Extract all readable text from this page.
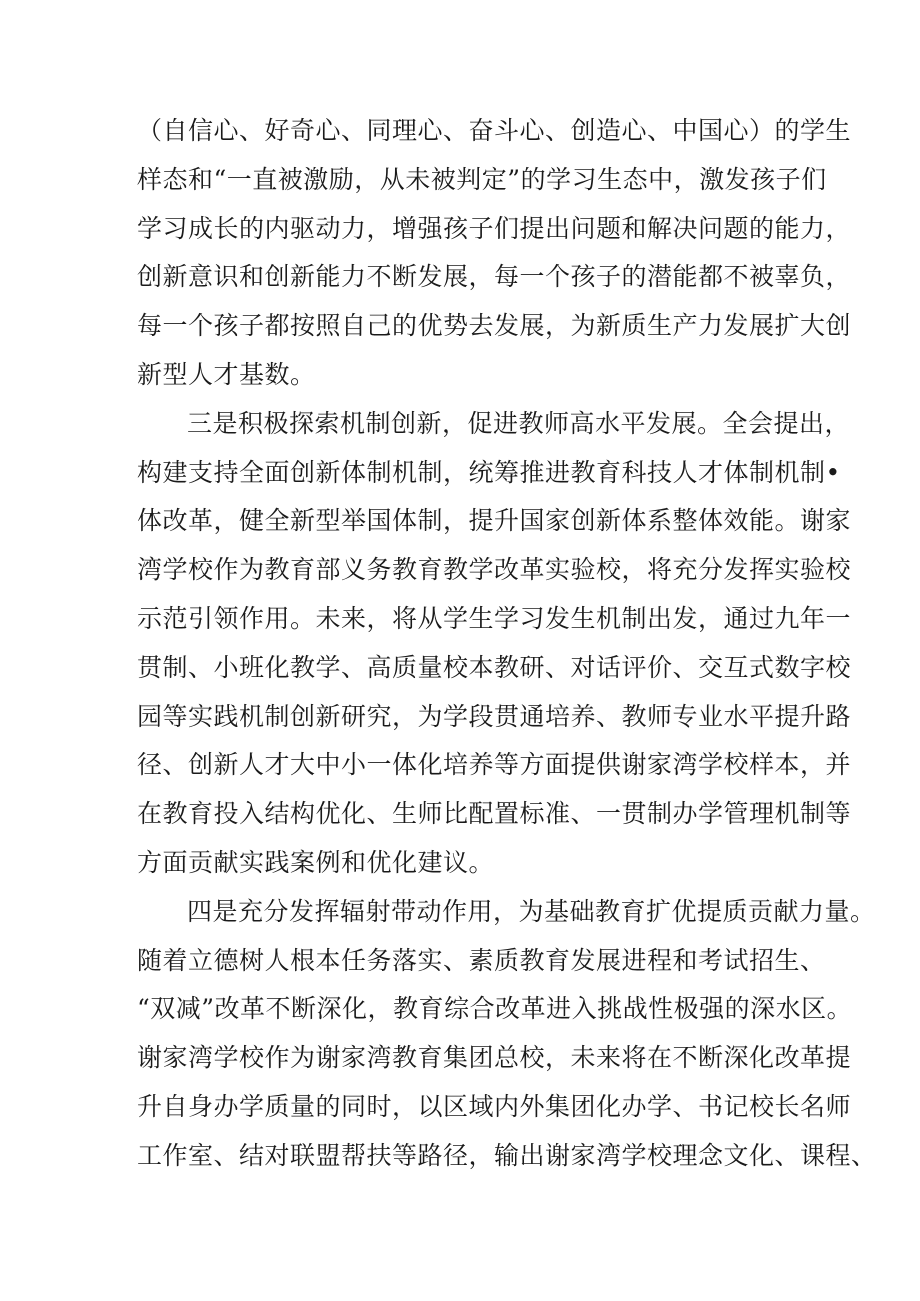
（自信心、好奇心、同理心、奋斗心、创造心、中国心）的学生
样态和“一直被激励，从未被判定”的学习生态中，激发孩子们
学习成长的内驱动力，增强孩子们提出问题和解决问题的能力，
创新意识和创新能力不断发展，每一个孩子的潜能都不被辜负，
每一个孩子都按照自己的优势去发展，为新质生产力发展扩大创
新型人才基数。
三是积极探索机制创新，促进教师高水平发展。全会提出，
构建支持全面创新体制机制，统筹推进教育科技人才体制机制•
体改革，健全新型举国体制，提升国家创新体系整体效能。谢家
湾学校作为教育部义务教育教学改革实验校，将充分发挥实验校
示范引领作用。未来，将从学生学习发生机制出发，通过九年一
贯制、小班化教学、高质量校本教研、对话评价、交互式数字校
园等实践机制创新研究，为学段贯通培养、教师专业水平提升路
径、创新人才大中小一体化培养等方面提供谢家湾学校样本，并
在教育投入结构优化、生师比配置标准、一贯制办学管理机制等
方面贡献实践案例和优化建议。
四是充分发挥辐射带动作用，为基础教育扩优提质贡献力量。
随着立德树人根本任务落实、素质教育发展进程和考试招生、
“双减”改革不断深化，教育综合改革进入挑战性极强的深水区。
谢家湾学校作为谢家湾教育集团总校，未来将在不断深化改革提
升自身办学质量的同时，以区域内外集团化办学、书记校长名师
工作室、结对联盟帮扶等路径，输出谢家湾学校理念文化、课程、
